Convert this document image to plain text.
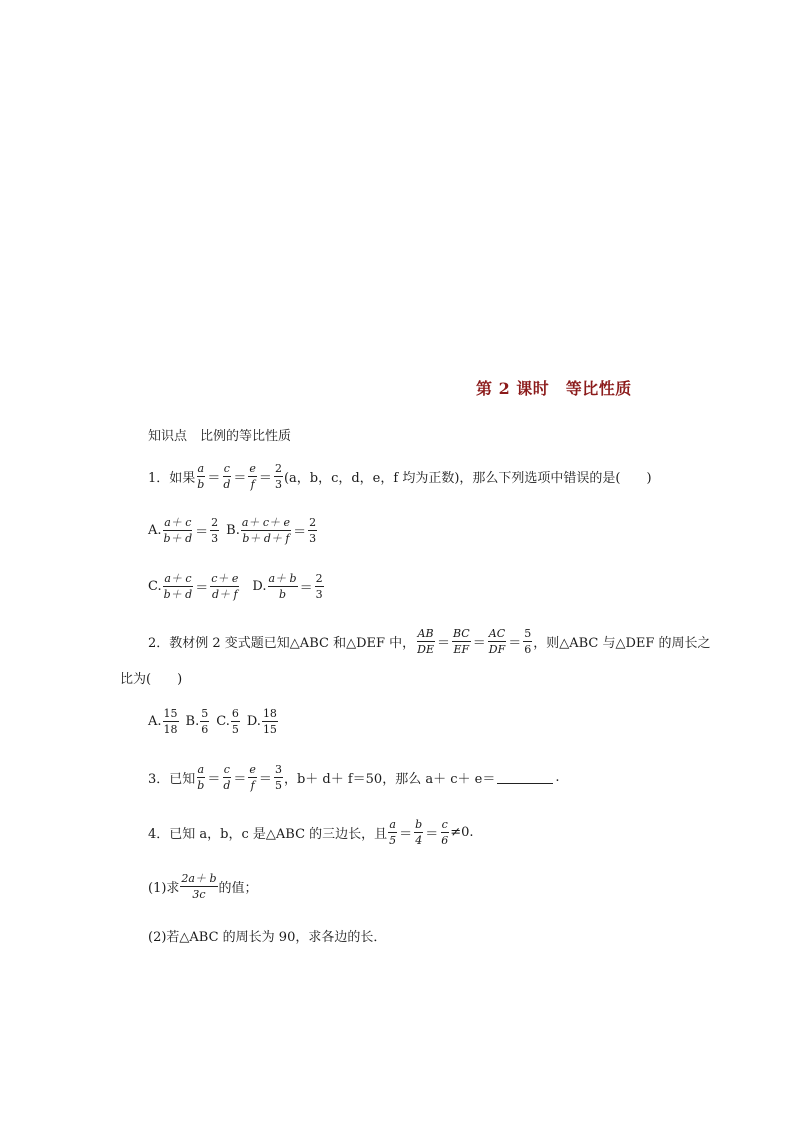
第 2 课时　等比性质
知识点　比例的等比性质
1．如果 $\frac{a}{b} = \frac{c}{d} = \frac{e}{f} = \frac{2}{3} (a$，b，c，d，e，f 均为正数)，那么下列选项中错误的是(　　)
A. $\frac{a+ c}{b+ d} = \frac{2}{3} B$. $\frac{a+ c+ e}{b+ d+ f} = \frac{2}{3}$
C. $\frac{a+ c}{b+ d} = \frac{c+ e}{d+ f} D$. $\frac{a+ b}{b} = \frac{2}{3}$
2．教材例 2 变式题已知△ABC 和△DEF 中， $\frac{AB}{DE} = \frac{BC}{EF} = \frac{AC}{DF} = \frac{5}{6}$ ，则△ABC 与△DEF 的周长之
比为(　　)
A. $\frac{15}{18} B$. $\frac{5}{6} C$. $\frac{6}{5} D$. $\frac{18}{15}$
3．已知 $\frac{a}{b} = \frac{c}{d} = \frac{e}{f} = \frac{3}{5}$ ，b＋ d＋ f＝50，那么 a＋ c＋ e＝	.
4．已知 a，b，c 是△ABC 的三边长，且 $\frac{a}{5} = \frac{b}{4} = \frac{c}{6} \ne 0$.
(1)求 $\frac{2a+ b}{3c}$ 的值；
(2)若△ABC 的周长为 90，求各边的长．
